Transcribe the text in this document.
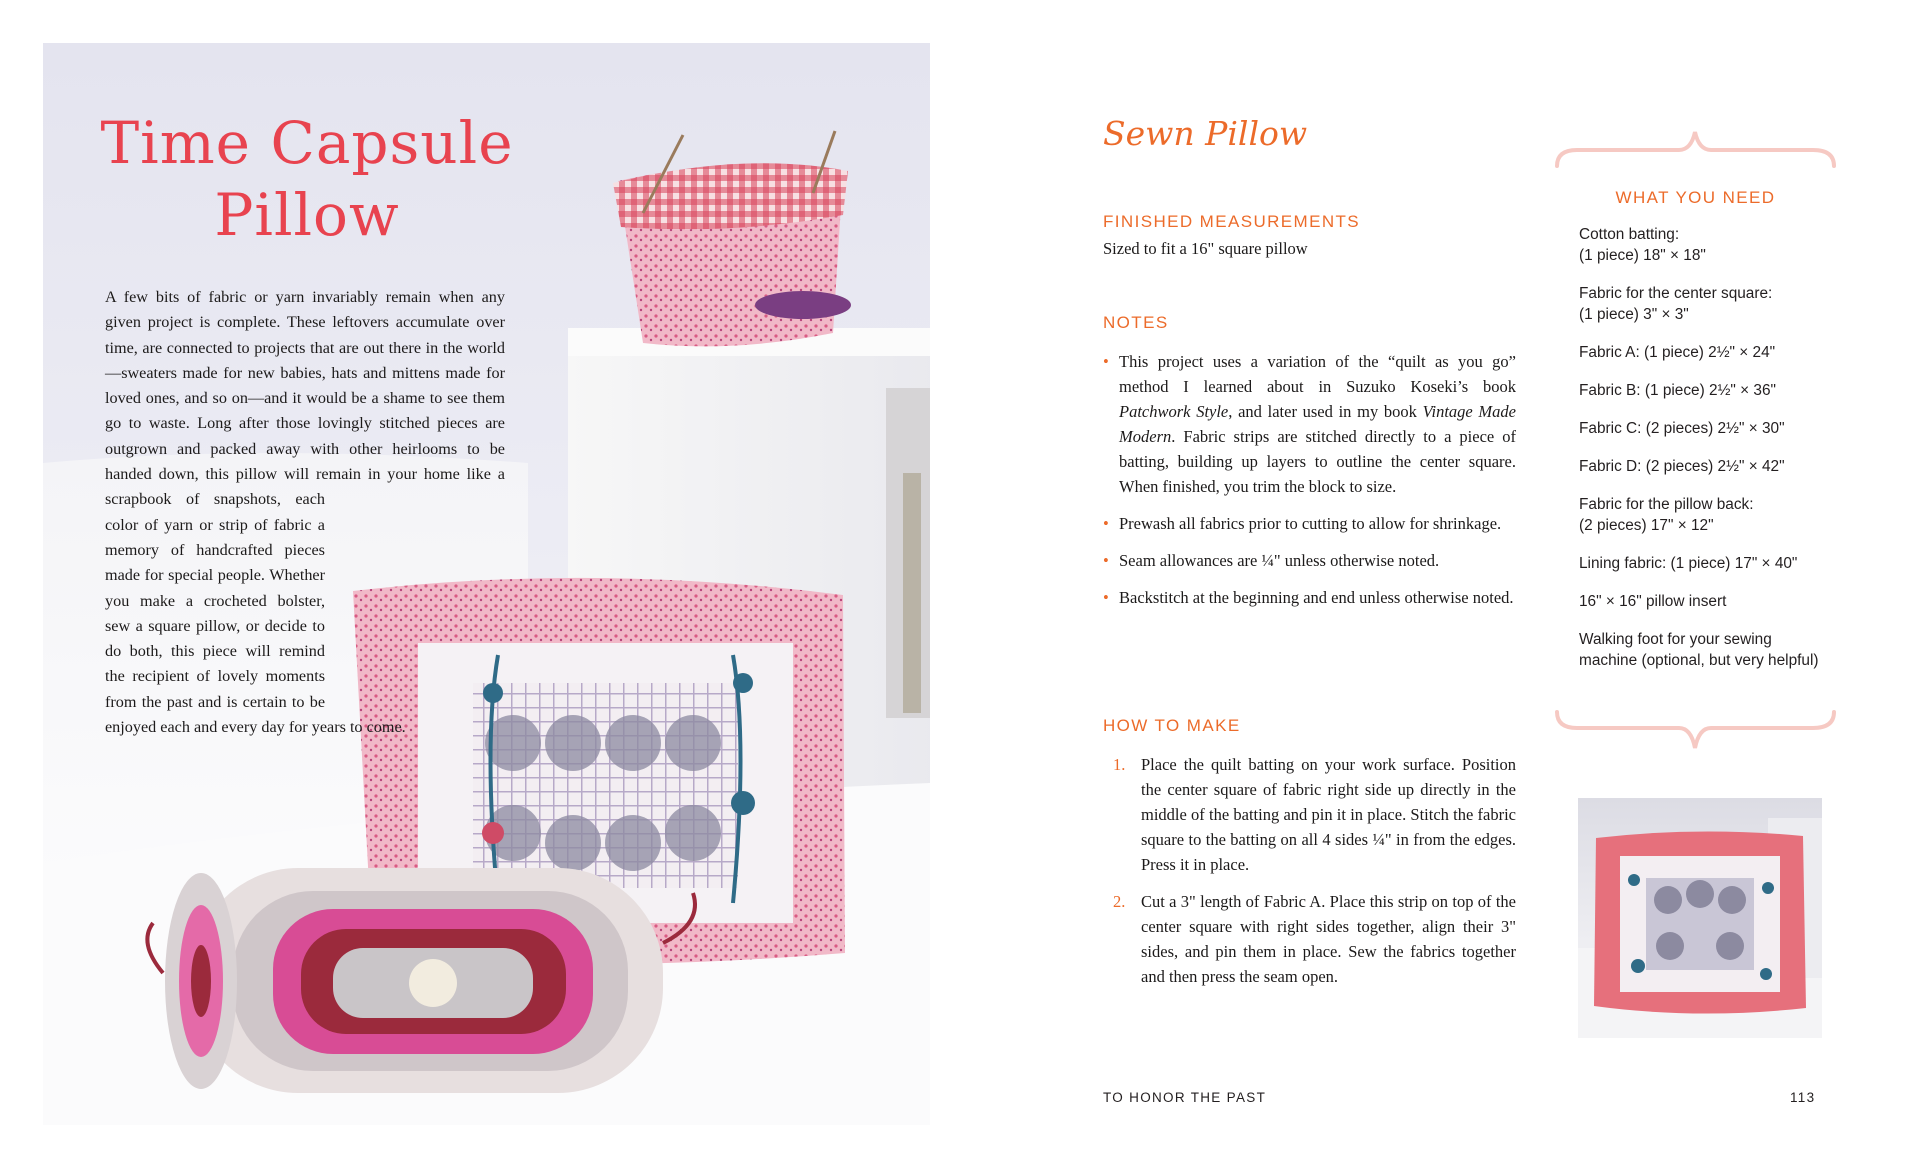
Time Capsule
Pillow
A few bits of fabric or yarn invariably remain when any given project is complete. These leftovers accumulate over time, are connected to projects that are out there in the world—sweaters made for new babies, hats and mittens made for loved ones, and so on—and it would be a shame to see them go to waste. Long after those lovingly stitched pieces are outgrown and packed away with other heirlooms to be handed down, this pillow will remain in your home like a scrapbook of snapshots, each color of yarn or strip of fabric a memory of handcrafted pieces made for special people. Whether you make a crocheted bolster, sew a square pillow, or decide to do both, this piece will remind the recipient of lovely moments from the past and is certain to be enjoyed each and every day for years to come.
Sewn Pillow
FINISHED MEASUREMENTS
Sized to fit a 16" square pillow
NOTES
• This project uses a variation of the “quilt as you go” method I learned about in Suzuko Koseki’s book Patchwork Style, and later used in my book Vintage Made Modern. Fabric strips are stitched directly to a piece of batting, building up layers to outline the center square. When finished, you trim the block to size.
• Prewash all fabrics prior to cutting to allow for shrinkage.
• Seam allowances are ¼" unless otherwise noted.
• Backstitch at the beginning and end unless otherwise noted.
HOW TO MAKE
1. Place the quilt batting on your work surface. Position the center square of fabric right side up directly in the middle of the batting and pin it in place. Stitch the fabric square to the batting on all 4 sides ¼" in from the edges. Press it in place.
2. Cut a 3" length of Fabric A. Place this strip on top of the center square with right sides together, align their 3" sides, and pin them in place. Sew the fabrics together and then press the seam open.
WHAT YOU NEED
Cotton batting:
(1 piece) 18" × 18"
Fabric for the center square:
(1 piece) 3" × 3"
Fabric A: (1 piece) 2½" × 24"
Fabric B: (1 piece) 2½" × 36"
Fabric C: (2 pieces) 2½" × 30"
Fabric D: (2 pieces) 2½" × 42"
Fabric for the pillow back:
(2 pieces) 17" × 12"
Lining fabric: (1 piece) 17" × 40"
16" × 16" pillow insert
Walking foot for your sewing machine (optional, but very helpful)
TO HONOR THE PAST	113
